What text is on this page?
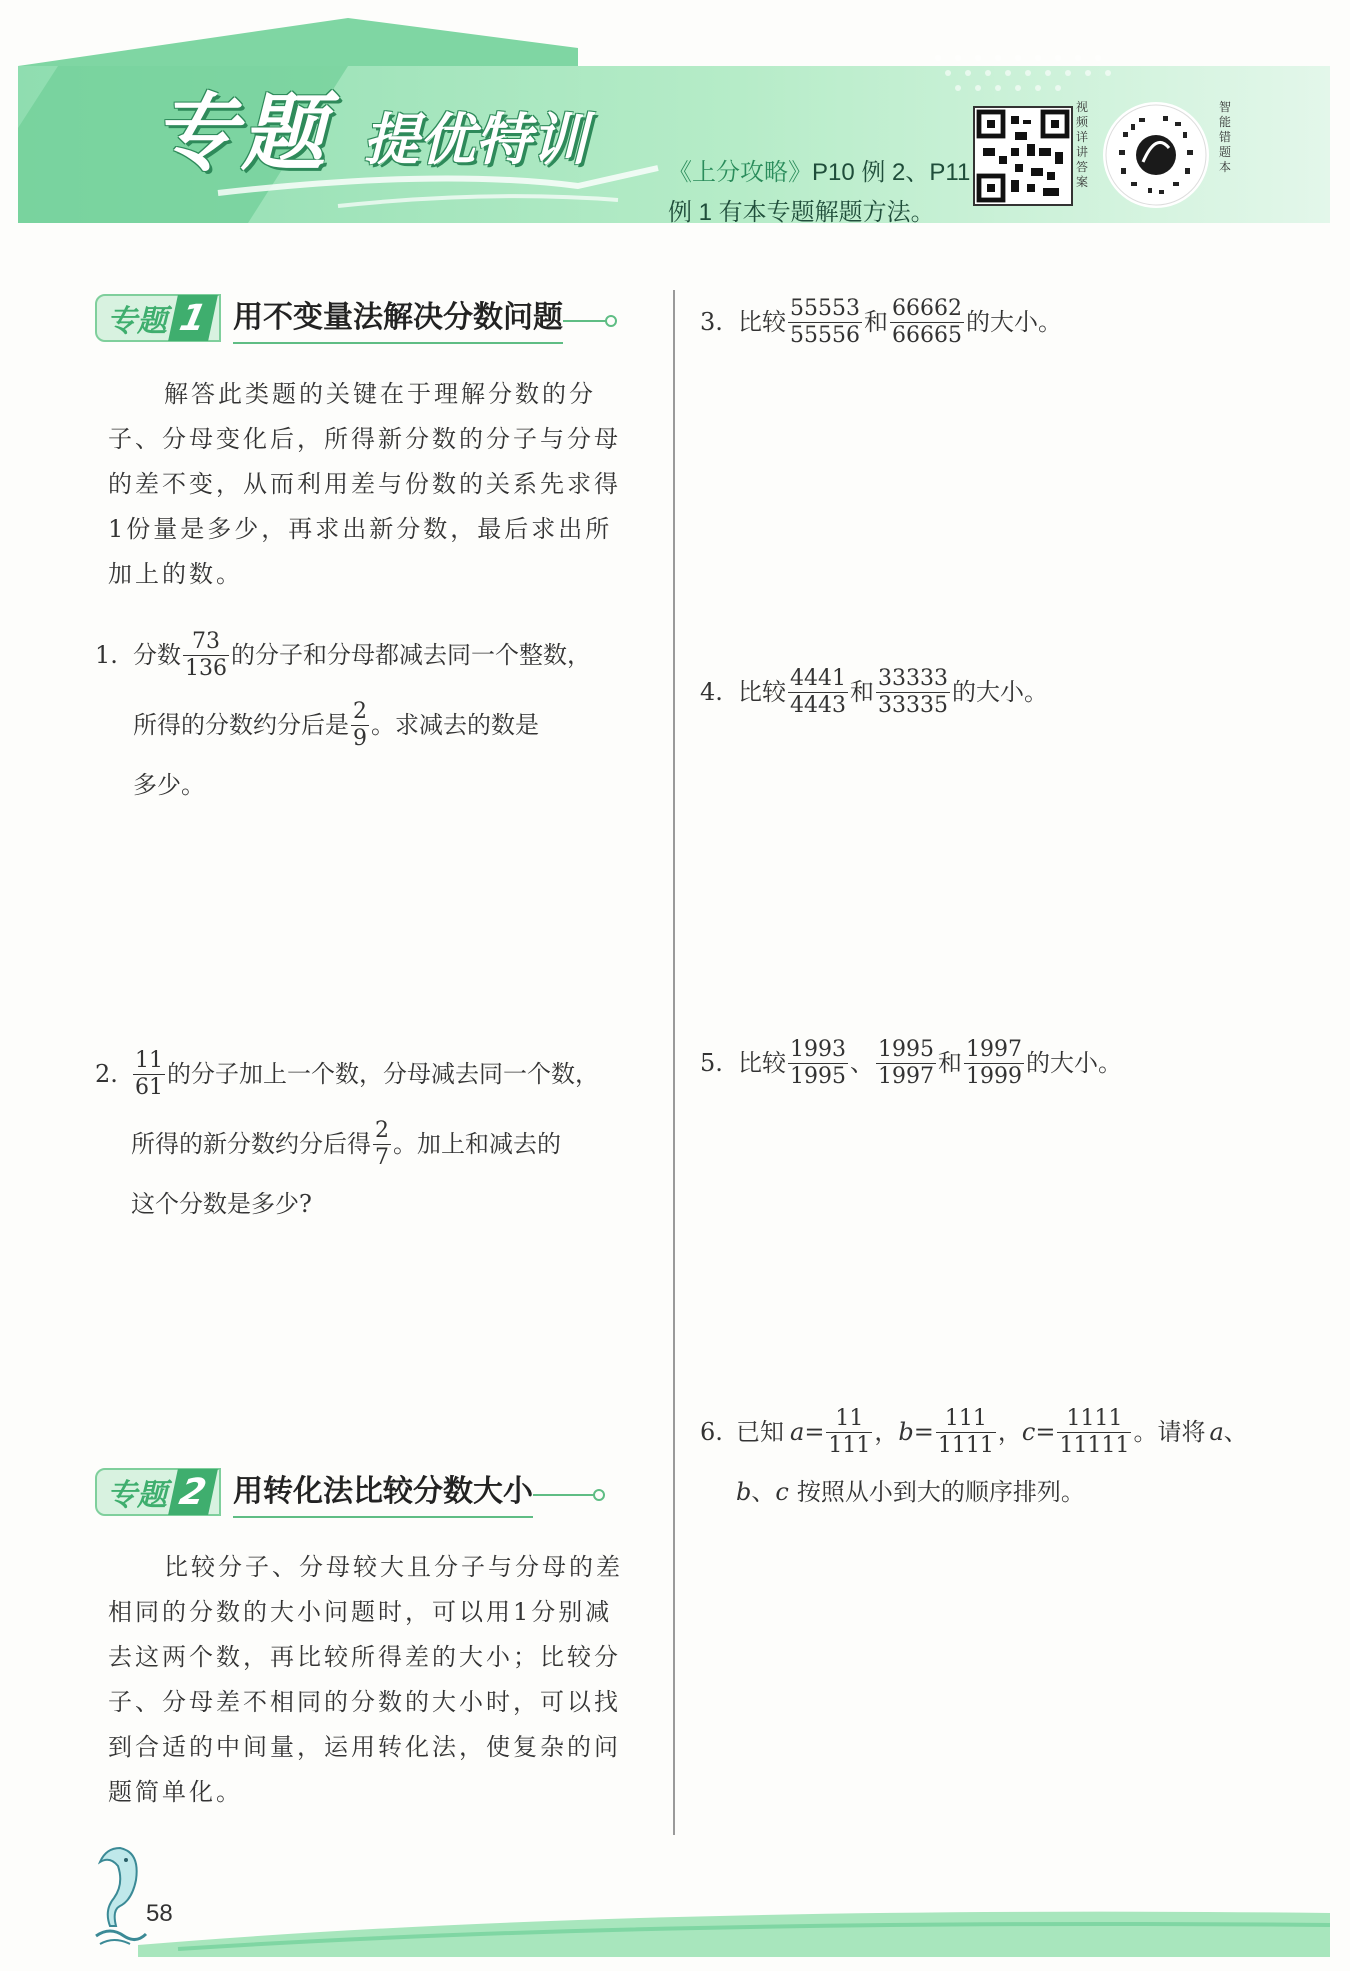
专题 提优特训	《上分攻略》P10 例 2、P11
例 1 有本专题解题方法。
视频详讲答案
智能错题本
专题 1 用不变量法解决分数问题
解答此类题的关键在于理解分数的分子、分母变化后，所得新分数的分子与分母的差不变，从而利用差与份数的关系先求得1份量是多少，再求出新分数，最后求出所加上的数。
1. 分数 $\frac{73}{136}$ 的分子和分母都减去同一个整数，
所得的分数约分后是 $\frac{2}{9}$ 。求减去的数是
多少。
2. $\frac{11}{61}$ 的分子加上一个数，分母减去同一个数，
所得的新分数约分后得 $\frac{2}{7}$ 。加上和减去的
这个分数是多少?
专题 2 用转化法比较分数大小
比较分子、分母较大且分子与分母的差相同的分数的大小问题时，可以用1分别减去这两个数，再比较所得差的大小；比较分子、分母差不相同的分数的大小时，可以找到合适的中间量，运用转化法，使复杂的问题简单化。
3. 比较 $\frac{55553}{55556}$ 和 $\frac{66662}{66665}$ 的大小。
4. 比较 $\frac{4441}{4443}$ 和 $\frac{33333}{33335}$ 的大小。
5. 比较 $\frac{1993}{1995}$ 、 $\frac{1995}{1997}$ 和 $\frac{1997}{1999}$ 的大小。
6. 已知 $a = \frac{11}{111}$ ， $b = \frac{111}{1111}$ ， $c = \frac{1111}{11111}$ 。请将 a 、
b 、 c 按照从小到大的顺序排列。
58
